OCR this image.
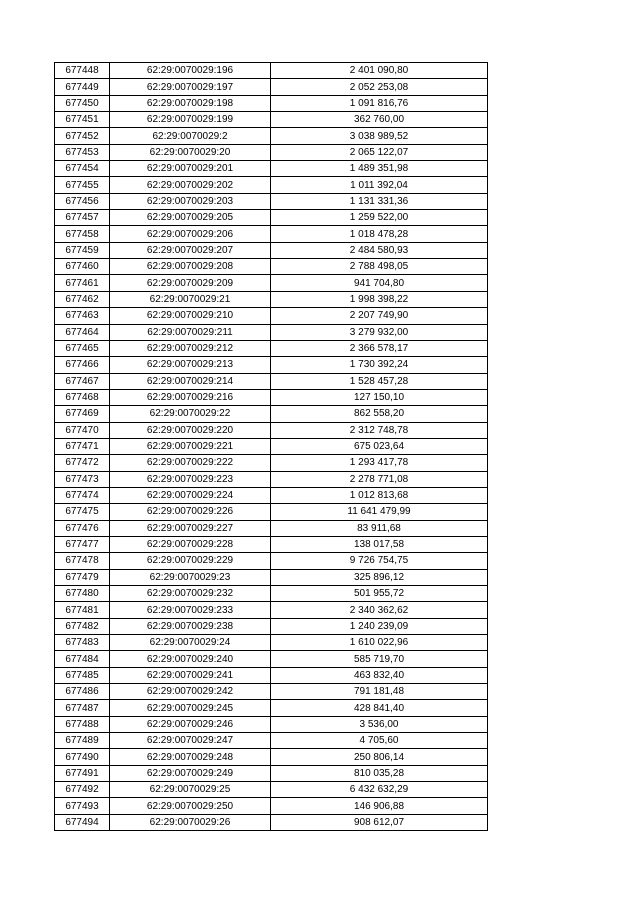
677448	62:29:0070029:196	2 401 090,80
677449	62:29:0070029:197	2 052 253,08
677450	62:29:0070029:198	1 091 816,76
677451	62:29:0070029:199	362 760,00
677452	62:29:0070029:2	3 038 989,52
677453	62:29:0070029:20	2 065 122,07
677454	62:29:0070029:201	1 489 351,98
677455	62:29:0070029:202	1 011 392,04
677456	62:29:0070029:203	1 131 331,36
677457	62:29:0070029:205	1 259 522,00
677458	62:29:0070029:206	1 018 478,28
677459	62:29:0070029:207	2 484 580,93
677460	62:29:0070029:208	2 788 498,05
677461	62:29:0070029:209	941 704,80
677462	62:29:0070029:21	1 998 398,22
677463	62:29:0070029:210	2 207 749,90
677464	62:29:0070029:211	3 279 932,00
677465	62:29:0070029:212	2 366 578,17
677466	62:29:0070029:213	1 730 392,24
677467	62:29:0070029:214	1 528 457,28
677468	62:29:0070029:216	127 150,10
677469	62:29:0070029:22	862 558,20
677470	62:29:0070029:220	2 312 748,78
677471	62:29:0070029:221	675 023,64
677472	62:29:0070029:222	1 293 417,78
677473	62:29:0070029:223	2 278 771,08
677474	62:29:0070029:224	1 012 813,68
677475	62:29:0070029:226	11 641 479,99
677476	62:29:0070029:227	83 911,68
677477	62:29:0070029:228	138 017,58
677478	62:29:0070029:229	9 726 754,75
677479	62:29:0070029:23	325 896,12
677480	62:29:0070029:232	501 955,72
677481	62:29:0070029:233	2 340 362,62
677482	62:29:0070029:238	1 240 239,09
677483	62:29:0070029:24	1 610 022,96
677484	62:29:0070029:240	585 719,70
677485	62:29:0070029:241	463 832,40
677486	62:29:0070029:242	791 181,48
677487	62:29:0070029:245	428 841,40
677488	62:29:0070029:246	3 536,00
677489	62:29:0070029:247	4 705,60
677490	62:29:0070029:248	250 806,14
677491	62:29:0070029:249	810 035,28
677492	62:29:0070029:25	6 432 632,29
677493	62:29:0070029:250	146 906,88
677494	62:29:0070029:26	908 612,07
